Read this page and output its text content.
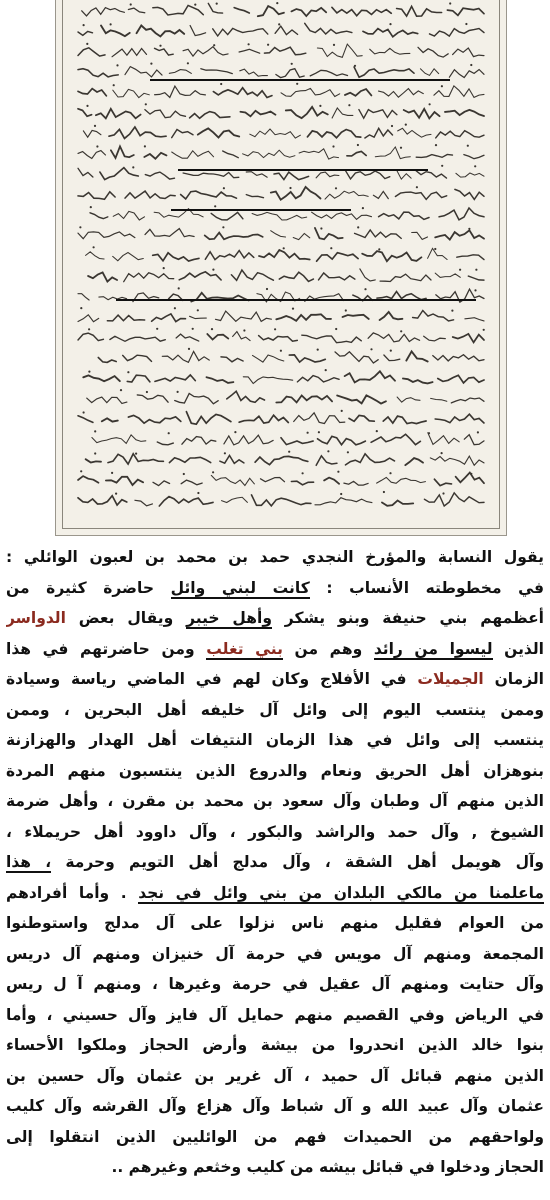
يقول النسابة والمؤرخ النجدي حمد بن محمد بن لعبون الوائلي :
في مخطوطته الأنساب : كانت لبني وائل حاضرة كثيرة من
أعظمهم بني حنيفة وبنو يشكر وأهل خيبر ويقال بعض الدواسر
الذين ليسوا من رائد وهم من بني تغلب ومن حاضرتهم في هذا
الزمان الجميلات في الأفلاج وكان لهم في الماضي رياسة وسيادة
وممن ينتسب اليوم إلى وائل آل خليفه أهل البحرين ، وممن
ينتسب إلى وائل في هذا الزمان النتيفات أهل الهدار والهزازنة
بنوهزان أهل الحريق ونعام والدروع الذين ينتسبون منهم المردة
الذين منهم آل وطبان وآل سعود بن محمد بن مقرن ، وأهل ضرمة
الشيوخ , وآل حمد والراشد والبكور ، وآل داوود أهل حريملاء ،
وآل هويمل أهل الشقة ، وآل مدلج أهل التويم وحرمة ، هذا
ماعلمنا من مالكي البلدان من بني وائل في نجد . وأما أفرادهم
من العوام فقليل منهم ناس نزلوا على آل مدلج واستوطنوا
المجمعة ومنهم آل مويس في حرمة آل خنيزان ومنهم آل دريس
وآل حتايت ومنهم آل عقيل في حرمة وغيرها ، ومنهم آ ل ريس
في الرياض وفي القصيم منهم حمايل آل فايز وآل حسيني ، وأما
بنوا خالد الذين انحدروا من بيشة وأرض الحجاز وملكوا الأحساء
الذين منهم قبائل آل حميد ، آل غرير بن عثمان وآل حسين بن
عثمان وآل عبيد الله و آل شباط وآل هزاع وآل القرشه وآل كليب
ولواحقهم من الحميدات فهم من الوائليين الذين انتقلوا إلى
الحجاز ودخلوا في قبائل بيشه من كليب وخثعم وغيرهم ..
